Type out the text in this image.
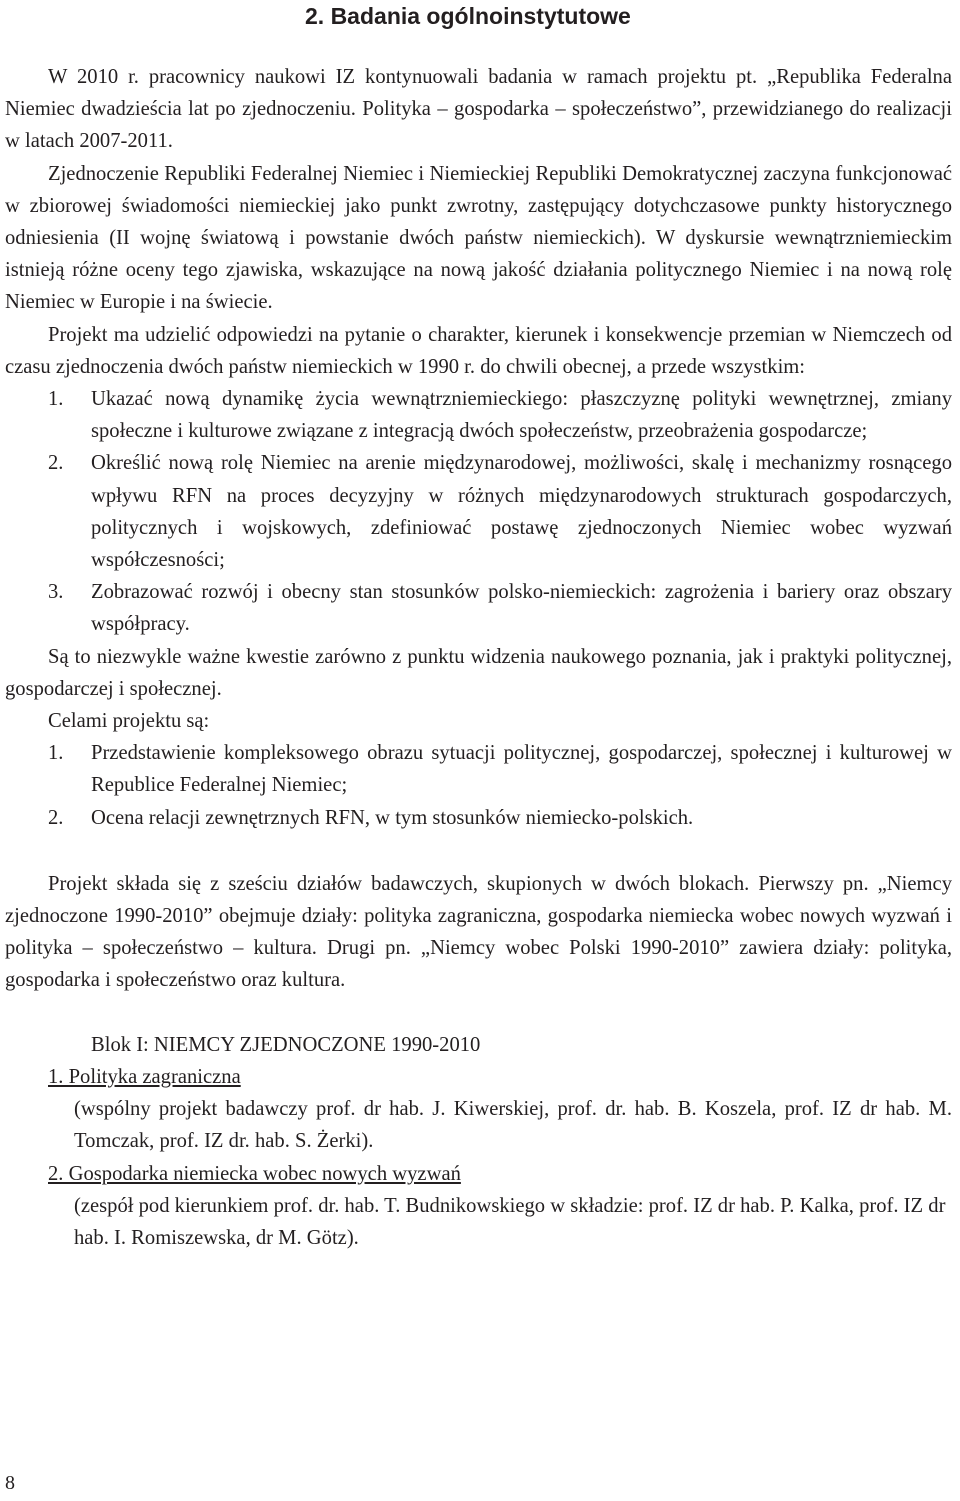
2. Badania ogólnoinstytutowe

W 2010 r. pracownicy naukowi IZ kontynuowali badania w ramach projektu pt. „Republika Federalna Niemiec dwadzieścia lat po zjednoczeniu. Polityka – gospodarka – społeczeństwo”, przewidzianego do realizacji w latach 2007-2011.

Zjednoczenie Republiki Federalnej Niemiec i Niemieckiej Republiki Demokratycznej zaczyna funkcjonować w zbiorowej świadomości niemieckiej jako punkt zwrotny, zastępujący dotychczasowe punkty historycznego odniesienia (II wojnę światową i powstanie dwóch państw niemieckich). W dyskursie wewnątrzniemieckim istnieją różne oceny tego zjawiska, wskazujące na nową jakość działania politycznego Niemiec i na nową rolę Niemiec w Europie i na świecie.

Projekt ma udzielić odpowiedzi na pytanie o charakter, kierunek i konsekwencje przemian w Niemczech od czasu zjednoczenia dwóch państw niemieckich w 1990 r. do chwili obecnej, a przede wszystkim:

1. Ukazać nową dynamikę życia wewnątrzniemieckiego: płaszczyznę polityki wewnętrznej, zmiany społeczne i kulturowe związane z integracją dwóch społeczeństw, przeobrażenia gospodarcze;
2. Określić nową rolę Niemiec na arenie międzynarodowej, możliwości, skalę i mechanizmy rosnącego wpływu RFN na proces decyzyjny w różnych międzynarodowych strukturach gospodarczych, politycznych i wojskowych, zdefiniować postawę zjednoczonych Niemiec wobec wyzwań współczesności;
3. Zobrazować rozwój i obecny stan stosunków polsko-niemieckich: zagrożenia i bariery oraz obszary współpracy.

Są to niezwykle ważne kwestie zarówno z punktu widzenia naukowego poznania, jak i praktyki politycznej, gospodarczej i społecznej.

Celami projektu są:

1. Przedstawienie kompleksowego obrazu sytuacji politycznej, gospodarczej, społecznej i kulturowej w Republice Federalnej Niemiec;
2. Ocena relacji zewnętrznych RFN, w tym stosunków niemiecko-polskich.

Projekt składa się z sześciu działów badawczych, skupionych w dwóch blokach. Pierwszy pn. „Niemcy zjednoczone 1990-2010” obejmuje działy: polityka zagraniczna, gospodarka niemiecka wobec nowych wyzwań i polityka – społeczeństwo – kultura. Drugi pn. „Niemcy wobec Polski 1990-2010” zawiera działy: polityka, gospodarka i społeczeństwo oraz kultura.

Blok I: NIEMCY ZJEDNOCZONE 1990-2010

1. Polityka zagraniczna

(wspólny projekt badawczy prof. dr hab. J. Kiwerskiej, prof. dr. hab. B. Koszela, prof. IZ dr hab. M. Tomczak, prof. IZ dr. hab. S. Żerki).

2. Gospodarka niemiecka wobec nowych wyzwań

(zespół pod kierunkiem prof. dr. hab. T. Budnikowskiego w składzie: prof. IZ dr hab. P. Kalka, prof. IZ dr hab. I. Romiszewska, dr M. Götz).

8
